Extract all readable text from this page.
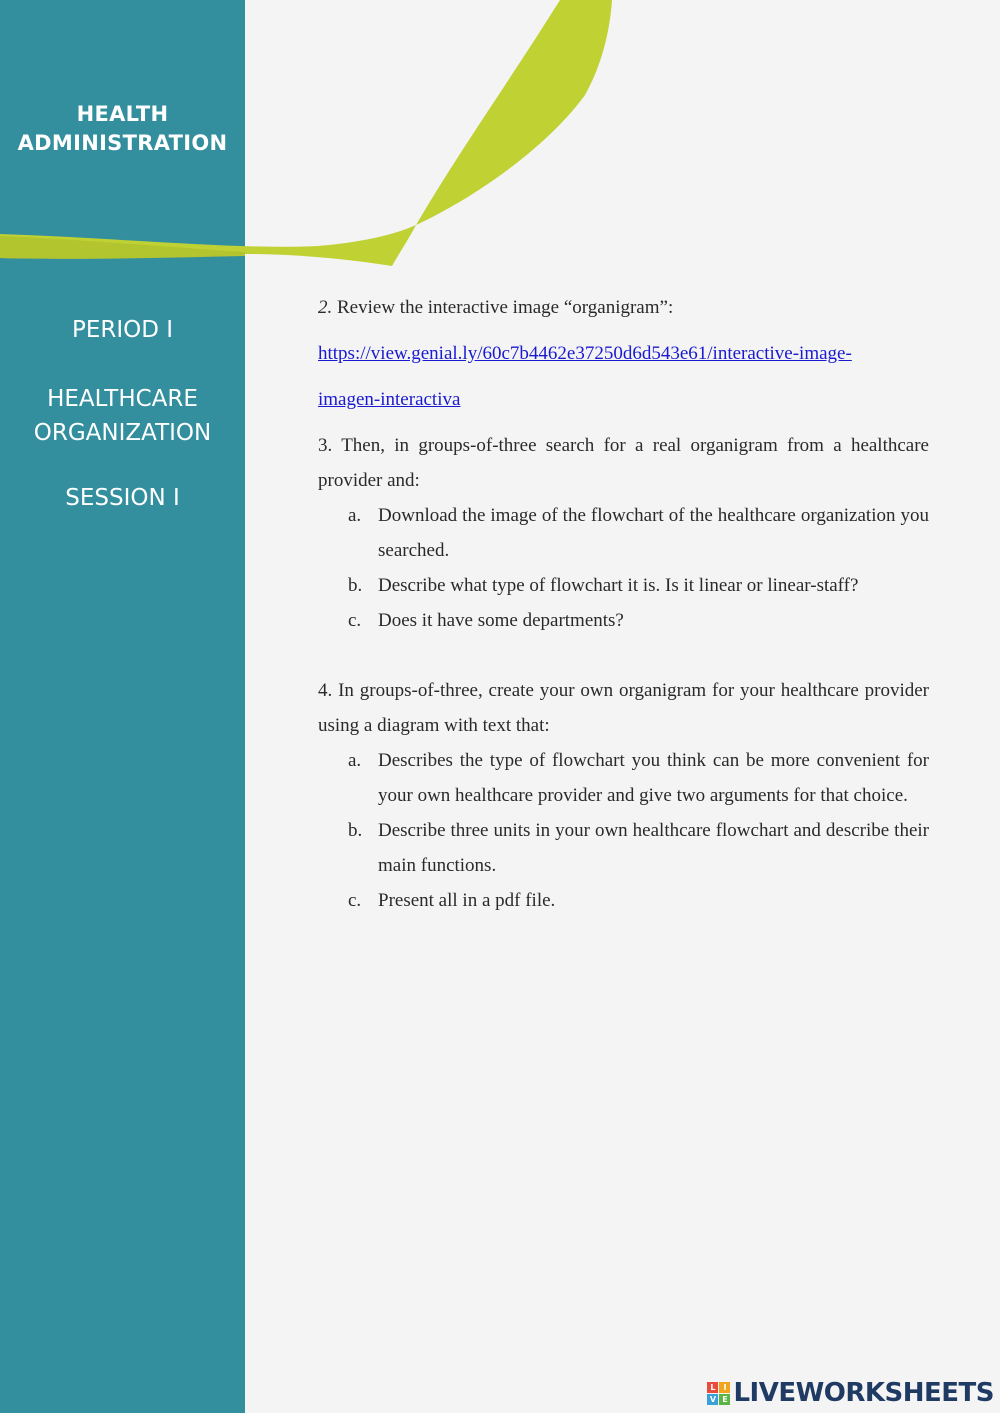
HEALTH
ADMINISTRATION
PERIOD I
HEALTHCARE
ORGANIZATION
SESSION I

2. Review the interactive image “organigram”:

https://view.genial.ly/60c7b4462e37250d6d543e61/interactive-image-

imagen-interactiva

3. Then, in groups-of-three search for a real organigram from a healthcare provider and:

a. Download the image of the flowchart of the healthcare organization you searched.
b. Describe what type of flowchart it is. Is it linear or linear-staff?
c. Does it have some departments?

4. In groups-of-three, create your own organigram for your healthcare provider using a diagram with text that:

a. Describes the type of flowchart you think can be more convenient for your own healthcare provider and give two arguments for that choice.
b. Describe three units in your own healthcare flowchart and describe their main functions.
c. Present all in a pdf file.
L I
V E LIVEWORKSHEETS
